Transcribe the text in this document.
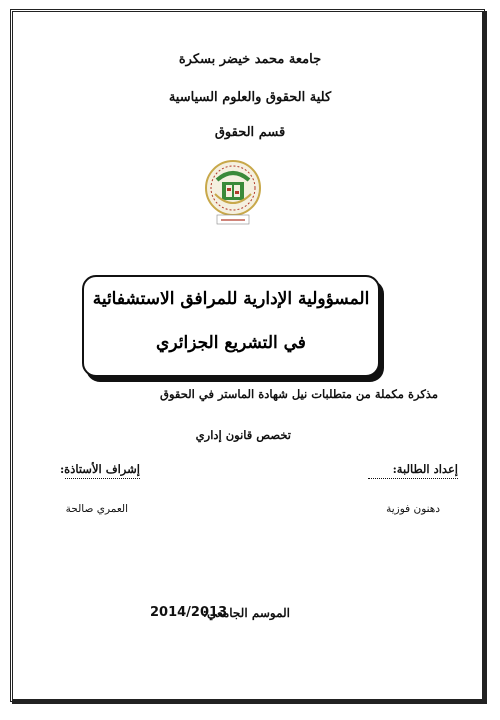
جامعة محمد خيضر بسكرة
كلية الحقوق والعلوم السياسية
قسم الحقوق
المسؤولية الإدارية للمرافق الاستشفائية
في التشريع الجزائري
مذكرة مكملة من متطلبات نيل شهادة الماستر في الحقوق
تخصص قانون إداري
إعداد الطالبة:
إشراف الأستاذة:
دهنون فوزية
العمري صالحة
الموسم الجامعي:
2014/2013
